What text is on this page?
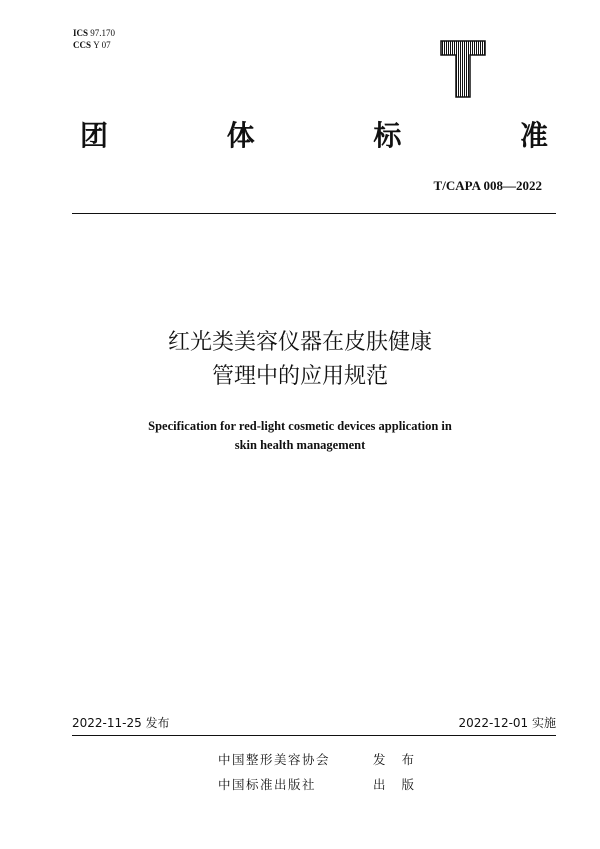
ICS 97.170
CCS Y 07
团	体	标	准
T/CAPA 008—2022
红光类美容仪器在皮肤健康
管理中的应用规范
Specification for red-light cosmetic devices application in
skin health management
2022-11-25 发布	2022-12-01 实施
中国整形美容协会	发 布
中国标准出版社	出 版
